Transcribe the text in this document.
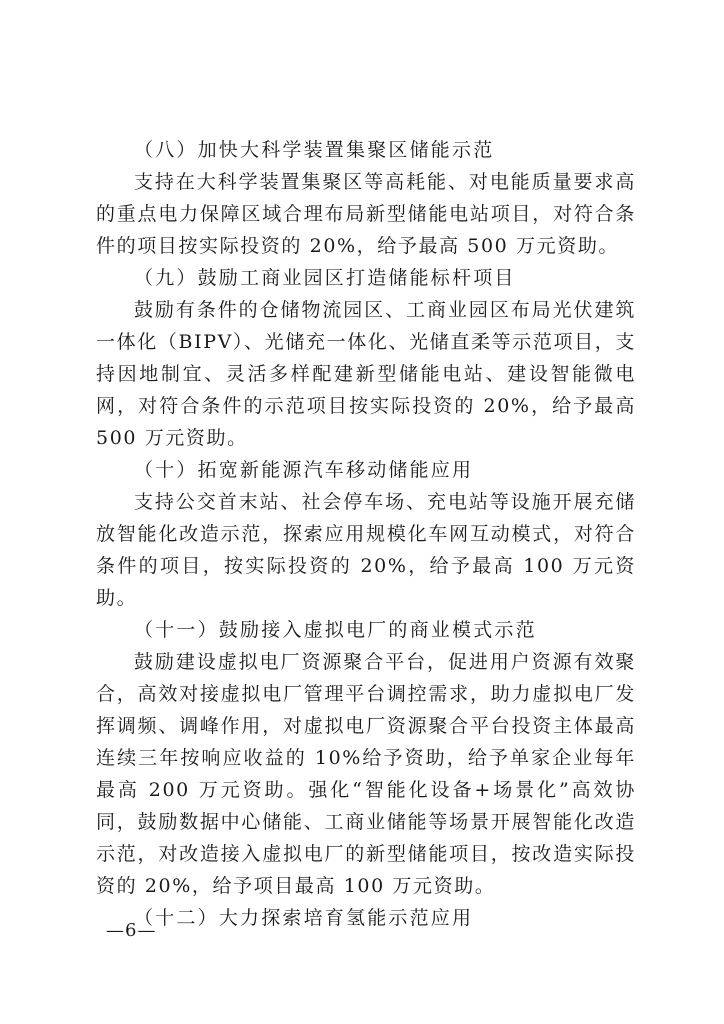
（八）加快大科学装置集聚区储能示范

支持在大科学装置集聚区等高耗能、对电能质量要求高的重点电力保障区域合理布局新型储能电站项目，对符合条件的项目按实际投资的 20%，给予最高 500 万元资助。

（九）鼓励工商业园区打造储能标杆项目

鼓励有条件的仓储物流园区、工商业园区布局光伏建筑一体化（BIPV）、光储充一体化、光储直柔等示范项目，支持因地制宜、灵活多样配建新型储能电站、建设智能微电网，对符合条件的示范项目按实际投资的 20%，给予最高 500 万元资助。

（十）拓宽新能源汽车移动储能应用

支持公交首末站、社会停车场、充电站等设施开展充储放智能化改造示范，探索应用规模化车网互动模式，对符合条件的项目，按实际投资的 20%，给予最高 100 万元资助。

（十一）鼓励接入虚拟电厂的商业模式示范

鼓励建设虚拟电厂资源聚合平台，促进用户资源有效聚合，高效对接虚拟电厂管理平台调控需求，助力虚拟电厂发挥调频、调峰作用，对虚拟电厂资源聚合平台投资主体最高连续三年按响应收益的 10%给予资助，给予单家企业每年最高 200 万元资助。强化“智能化设备+场景化”高效协同，鼓励数据中心储能、工商业储能等场景开展智能化改造示范，对改造接入虚拟电厂的新型储能项目，按改造实际投资的 20%，给予项目最高 100 万元资助。

（十二）大力探索培育氢能示范应用

—6—
